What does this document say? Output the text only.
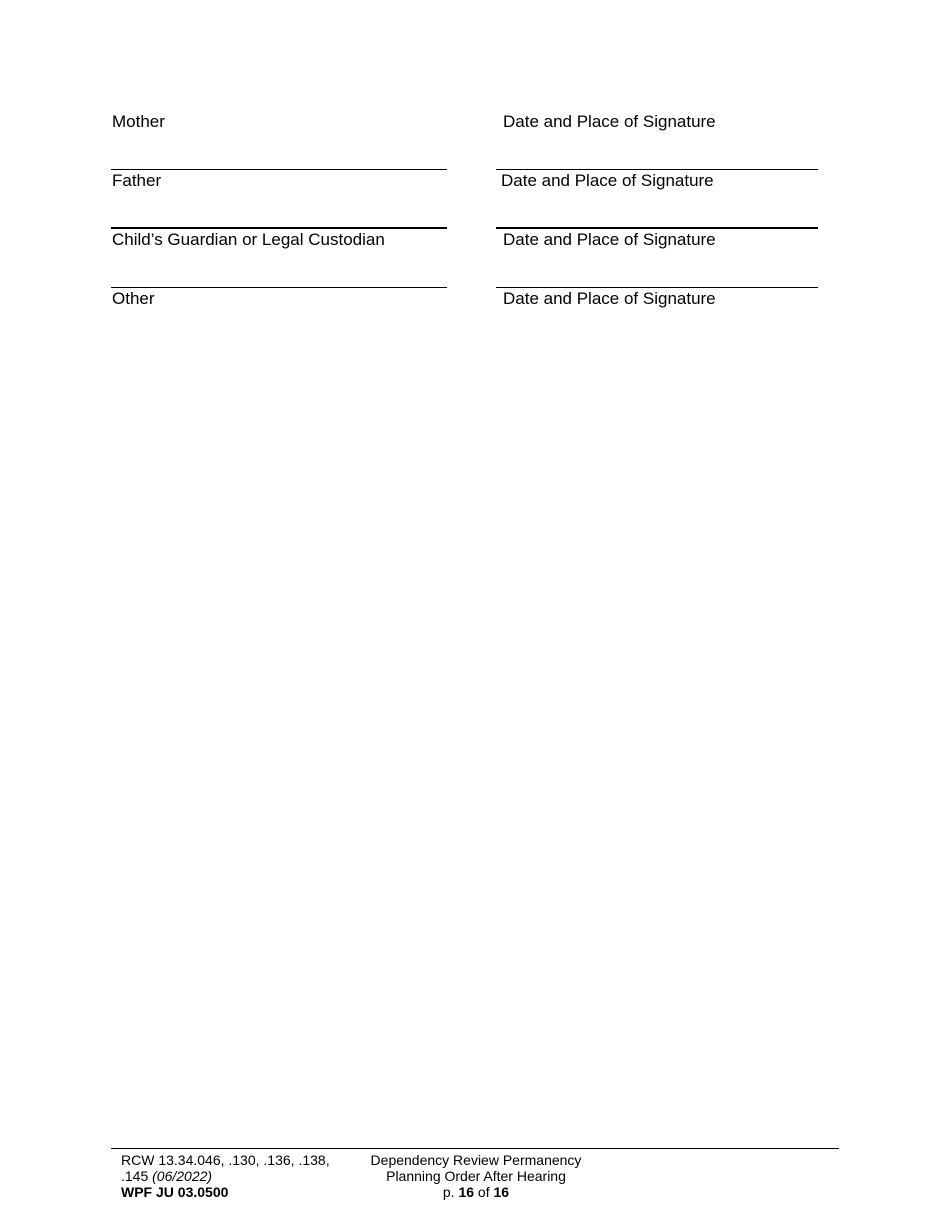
Mother	Date and Place of Signature
Father	Date and Place of Signature
Child’s Guardian or Legal Custodian	Date and Place of Signature
Other	Date and Place of Signature
RCW 13.34.046, .130, .136, .138,
.145 (06/2022)
WPF JU 03.0500
Dependency Review Permanency
Planning Order After Hearing
p. 16 of 16
